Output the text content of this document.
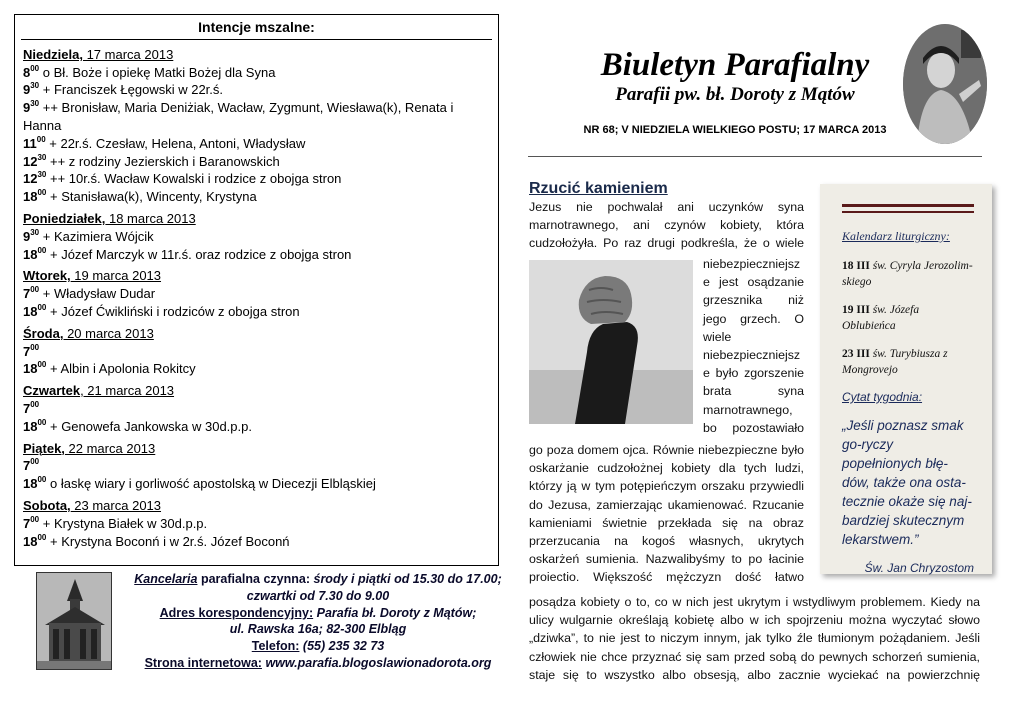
Intencje mszalne:
Niedziela, 17 marca 2013
$8^{00}$ o Bł. Boże i opiekę Matki Bożej dla Syna
$9^{30}$ + Franciszek Łęgowski w 22r.ś.
$9^{30}$ ++ Bronisław, Maria Deniżiak, Wacław, Zygmunt, Wiesława(k), Renata i Hanna
$11^{00}$ + 22r.ś. Czesław, Helena, Antoni, Władysław
$12^{30} ++ z$ rodziny Jezierskich i Baranowskich
$12^{30}$ ++ 10r.ś. Wacław Kowalski i rodzice z obojga stron
$18^{00}$ + Stanisława(k), Wincenty, Krystyna
Poniedziałek, 18 marca 2013
$9^{30}$ + Kazimiera Wójcik
$18^{00}$ + Józef Marczyk w 11r.ś. oraz rodzice z obojga stron
Wtorek, 19 marca 2013
$7^{00}$ + Władysław Dudar
$18^{00}$ + Józef Ćwikliński i rodziców z obojga stron
Środa, 20 marca 2013
$7^{00}$
$18^{00}$ + Albin i Apolonia Rokitcy
Czwartek, 21 marca 2013
$7^{00}$
$18^{00}$ + Genowefa Jankowska w 30d.p.p.
Piątek, 22 marca 2013
$7^{00}$
$18^{00}$ o łaskę wiary i gorliwość apostolską w Diecezji Elbląskiej
Sobota, 23 marca 2013
$7^{00}$ + Krystyna Białek w 30d.p.p.
$18^{00}$ + Krystyna Boconń i w 2r.ś. Józef Boconń
Kancelaria parafialna czynna: środy i piątki od 15.30 do 17.00;
czwartki od 7.30 do 9.00
Adres korespondencyjny: Parafia bł. Doroty z Mątów;
ul. Rawska 16a; 82-300 Elbląg
Telefon: (55) 235 32 73
Strona internetowa: www.parafia.blogoslawionadorota.org
Biuletyn Parafialny
Parafii pw. bł. Doroty z Mątów
NR 68; V NIEDZIELA WIELKIEGO POSTU; 17 MARCA 2013
Rzucić kamieniem
Jezus nie pochwalał ani uczynków syna
marnotrawnego, ani czynów kobiety, która
cudzołożyła. Po raz drugi podkreśla, że o wiele
niebezpieczniejsz
e jest osądzanie
grzesznika niż
jego grzech. O
wiele
niebezpieczniejsz
e było zgorszenie
brata syna
marnotrawnego,
bo pozostawiało
go poza domem ojca. Równie niebezpieczne było
oskarżanie cudzołożnej kobiety dla tych ludzi,
którzy ją w tym potępieńczym orszaku przywiedli
do Jezusa, zamierzając ukamienować. Rzucanie
kamieniami świetnie przekłada się na obraz
przerzucania na kogoś własnych, ukrytych
oskarżeń sumienia. Nazwalibyśmy to po łacinie
proiectio. Większość mężczyzn dość łatwo
posądza kobiety o to, co w nich jest ukrytym i wstydliwym problemem. Kiedy na
ulicy wulgarnie określają kobietę albo w ich spojrzeniu można wyczytać słowo
„dziwka”, to nie jest to niczym innym, jak tylko źle tłumionym pożądaniem. Jeśli
człowiek nie chce przyznać się sam przed sobą do pewnych schorzeń sumienia,
staje się to wszystko albo obsesją, albo zacznie wyciekać na powierzchnię
Kalendarz liturgiczny:
18 III św. Cyryla Jerozolim-skiego
19 III św. Józefa Oblubieńca
23 III św. Turybiusza z Mongrovejo
Cytat tygodnia:
„Jeśli poznasz smak go-ryczy popełnionych błę-dów, także ona osta-tecznie okaże się naj-bardziej skutecznym lekarstwem.”
Św. Jan Chryzostom
